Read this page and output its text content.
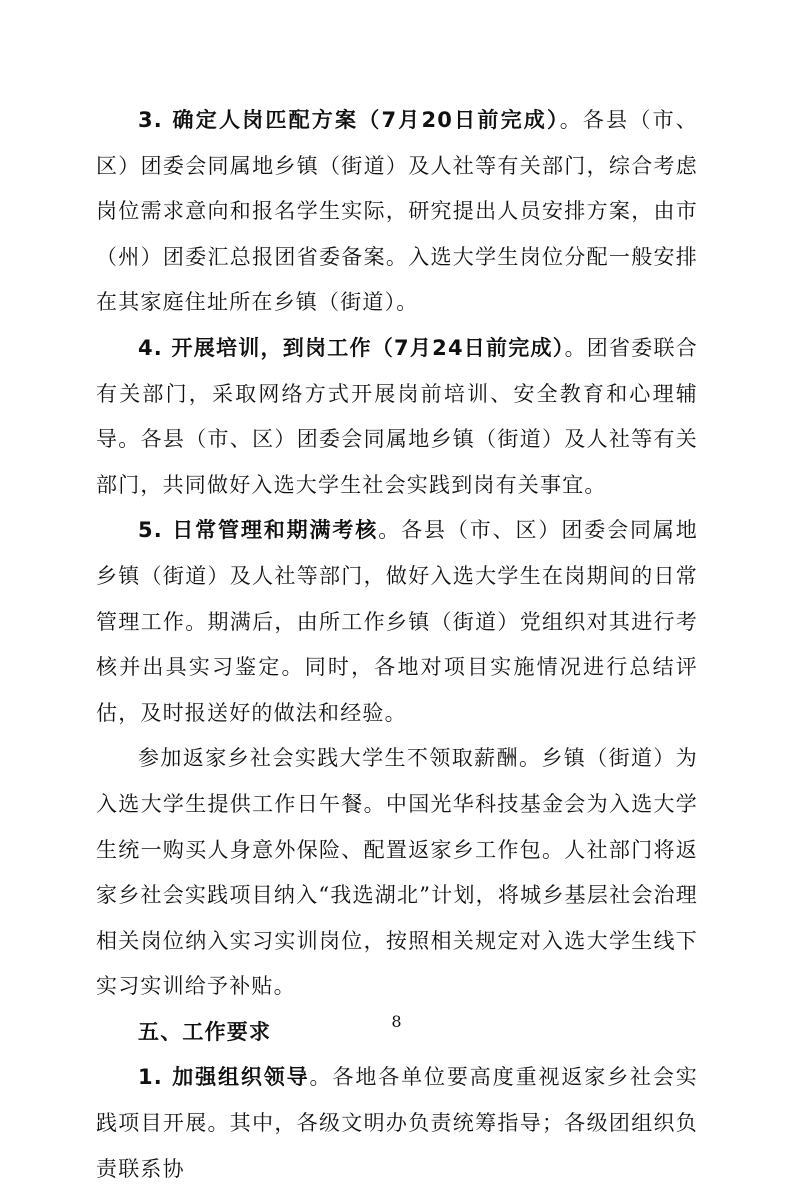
3. 确定人岗匹配方案（7月20日前完成）。各县（市、区）团委会同属地乡镇（街道）及人社等有关部门，综合考虑岗位需求意向和报名学生实际，研究提出人员安排方案，由市（州）团委汇总报团省委备案。入选大学生岗位分配一般安排在其家庭住址所在乡镇（街道）。

4. 开展培训，到岗工作（7月24日前完成）。团省委联合有关部门，采取网络方式开展岗前培训、安全教育和心理辅导。各县（市、区）团委会同属地乡镇（街道）及人社等有关部门，共同做好入选大学生社会实践到岗有关事宜。

5. 日常管理和期满考核。各县（市、区）团委会同属地乡镇（街道）及人社等部门，做好入选大学生在岗期间的日常管理工作。期满后，由所工作乡镇（街道）党组织对其进行考核并出具实习鉴定。同时，各地对项目实施情况进行总结评估，及时报送好的做法和经验。

参加返家乡社会实践大学生不领取薪酬。乡镇（街道）为入选大学生提供工作日午餐。中国光华科技基金会为入选大学生统一购买人身意外保险、配置返家乡工作包。人社部门将返家乡社会实践项目纳入“我选湖北”计划，将城乡基层社会治理相关岗位纳入实习实训岗位，按照相关规定对入选大学生线下实习实训给予补贴。

五、工作要求

1. 加强组织领导。各地各单位要高度重视返家乡社会实践项目开展。其中，各级文明办负责统筹指导；各级团组织负责联系协

8
